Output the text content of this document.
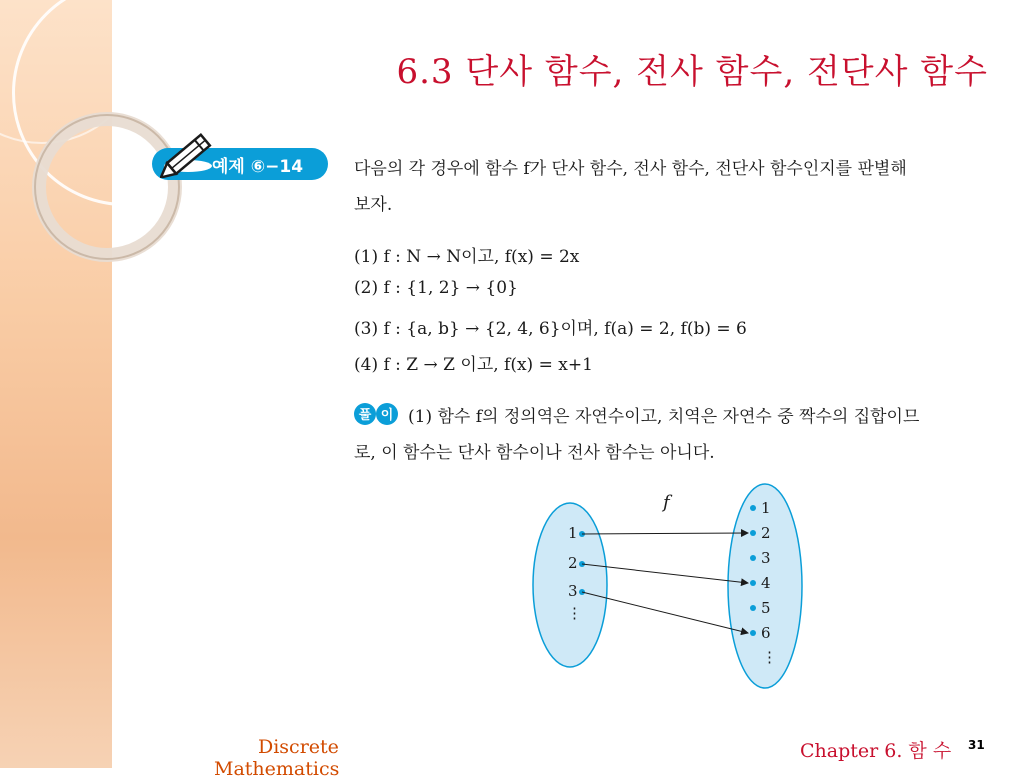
6.3 단사 함수, 전사 함수, 전단사 함수
예제 ⑥−14	다음의 각 경우에 함수 f가 단사 함수, 전사 함수, 전단사 함수인지를 판별해
보자.
(1) f : N → N이고, f(x) = 2x
(2) f : {1, 2} → {0}
(3) f : {a, b} → {2, 4, 6}이며, f(a) = 2, f(b) = 6
(4) f : Z → Z 이고, f(x) = x+1
풀 이 (1) 함수 f의 정의역은 자연수이고, 치역은 자연수 중 짝수의 집합이므
로, 이 함수는 단사 함수이나 전사 함수는 아니다.
f
1
2
3
⋮
1
2
3
4
5
6
⋮
Discrete
Mathematics
Chapter 6. 함 수 31
